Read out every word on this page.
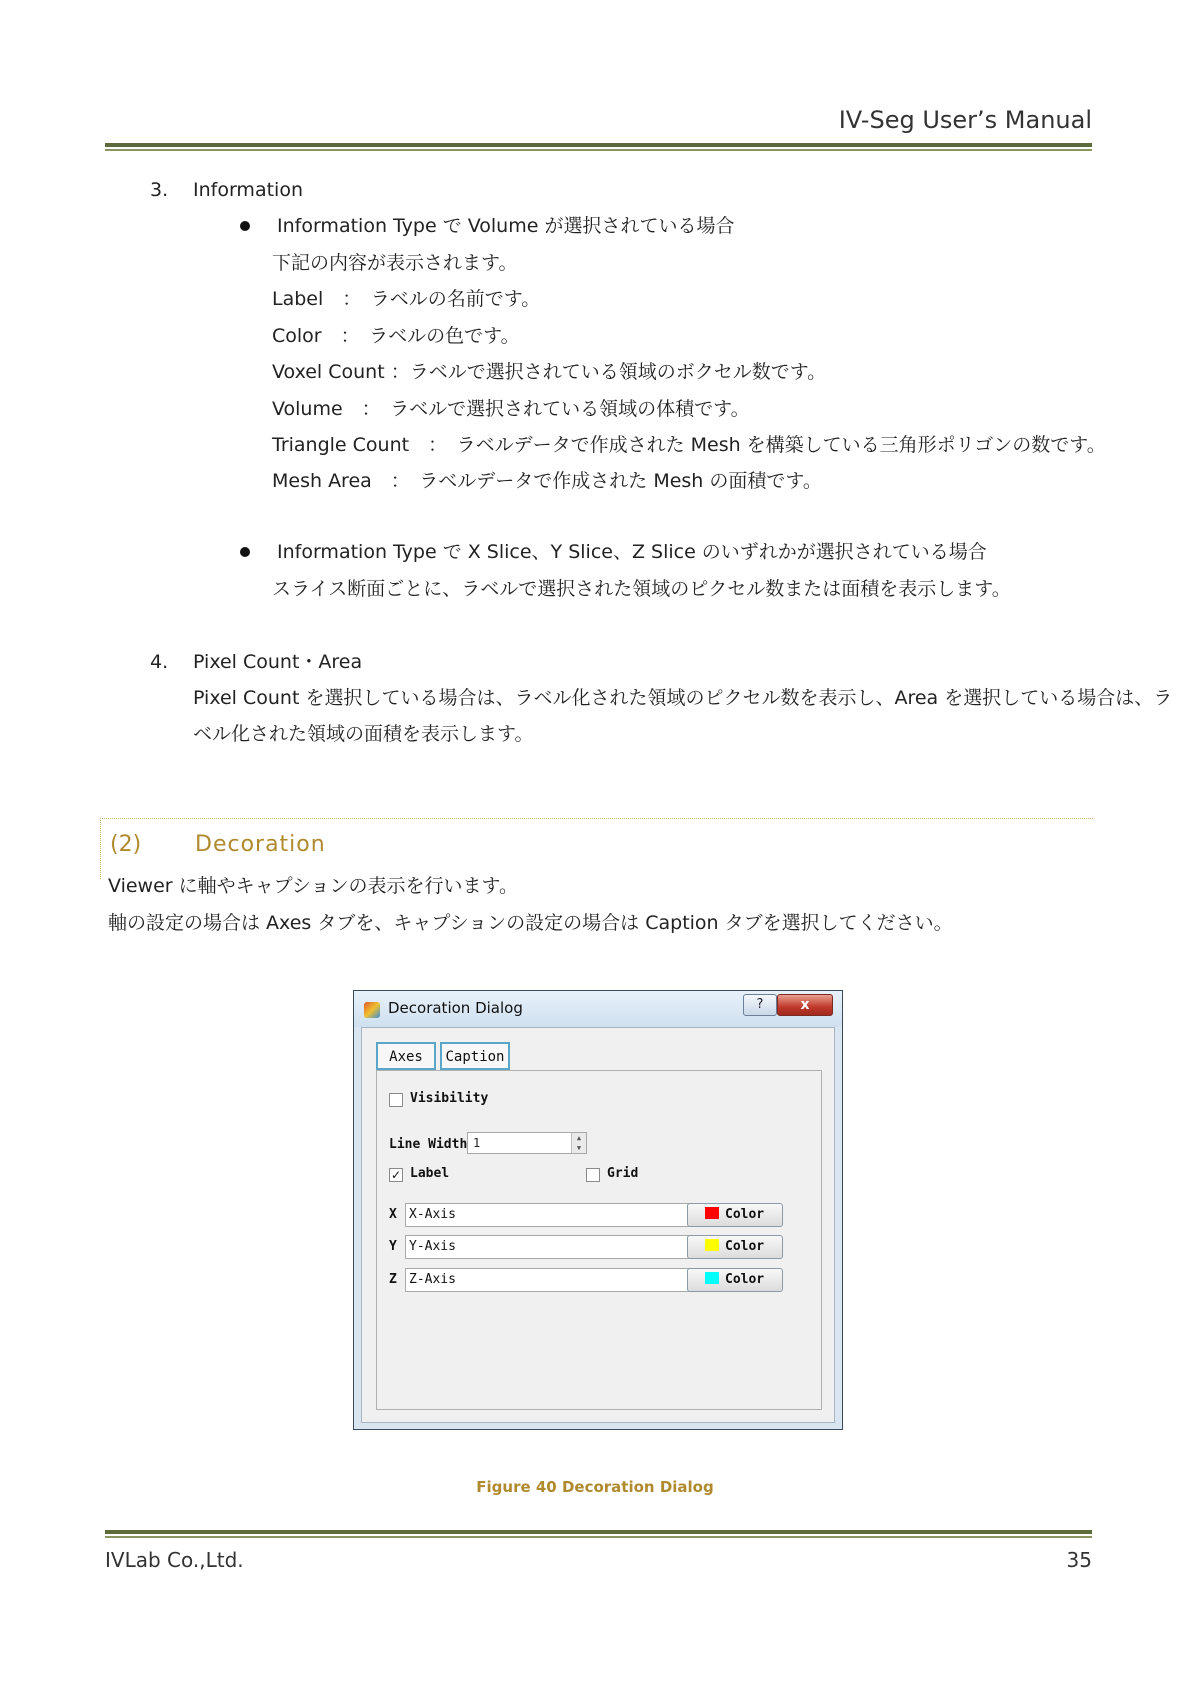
IV-Seg User’s Manual
3. Information
Information Type で Volume が選択されている場合
下記の内容が表示されます。
Label　：　ラベルの名前です。
Color　：　ラベルの色です。
Voxel Count ：ラベルで選択されている領域のボクセル数です。
Volume　：　ラベルで選択されている領域の体積です。
Triangle Count　：　ラベルデータで作成された Mesh を構築している三角形ポリゴンの数です。
Mesh Area　：　ラベルデータで作成された Mesh の面積です。
Information Type で X Slice、Y Slice、Z Slice のいずれかが選択されている場合
スライス断面ごとに、ラベルで選択された領域のピクセル数または面積を表示します。
4. Pixel Count・Area
Pixel Count を選択している場合は、ラベル化された領域のピクセル数を表示し、Area を選択している場合は、ラ
ベル化された領域の面積を表示します。
(2) Decoration
Viewer に軸やキャプションの表示を行います。
軸の設定の場合は Axes タブを、キャプションの設定の場合は Caption タブを選択してください。
Decoration Dialog	?	x
Axes	Caption
Visibility
Line Width 1	▲
▼
✓ Label	Grid
X X-Axis	Color
Y Y-Axis	Color
Z Z-Axis	Color
Figure 40 Decoration Dialog
IVLab Co.,Ltd.	35
